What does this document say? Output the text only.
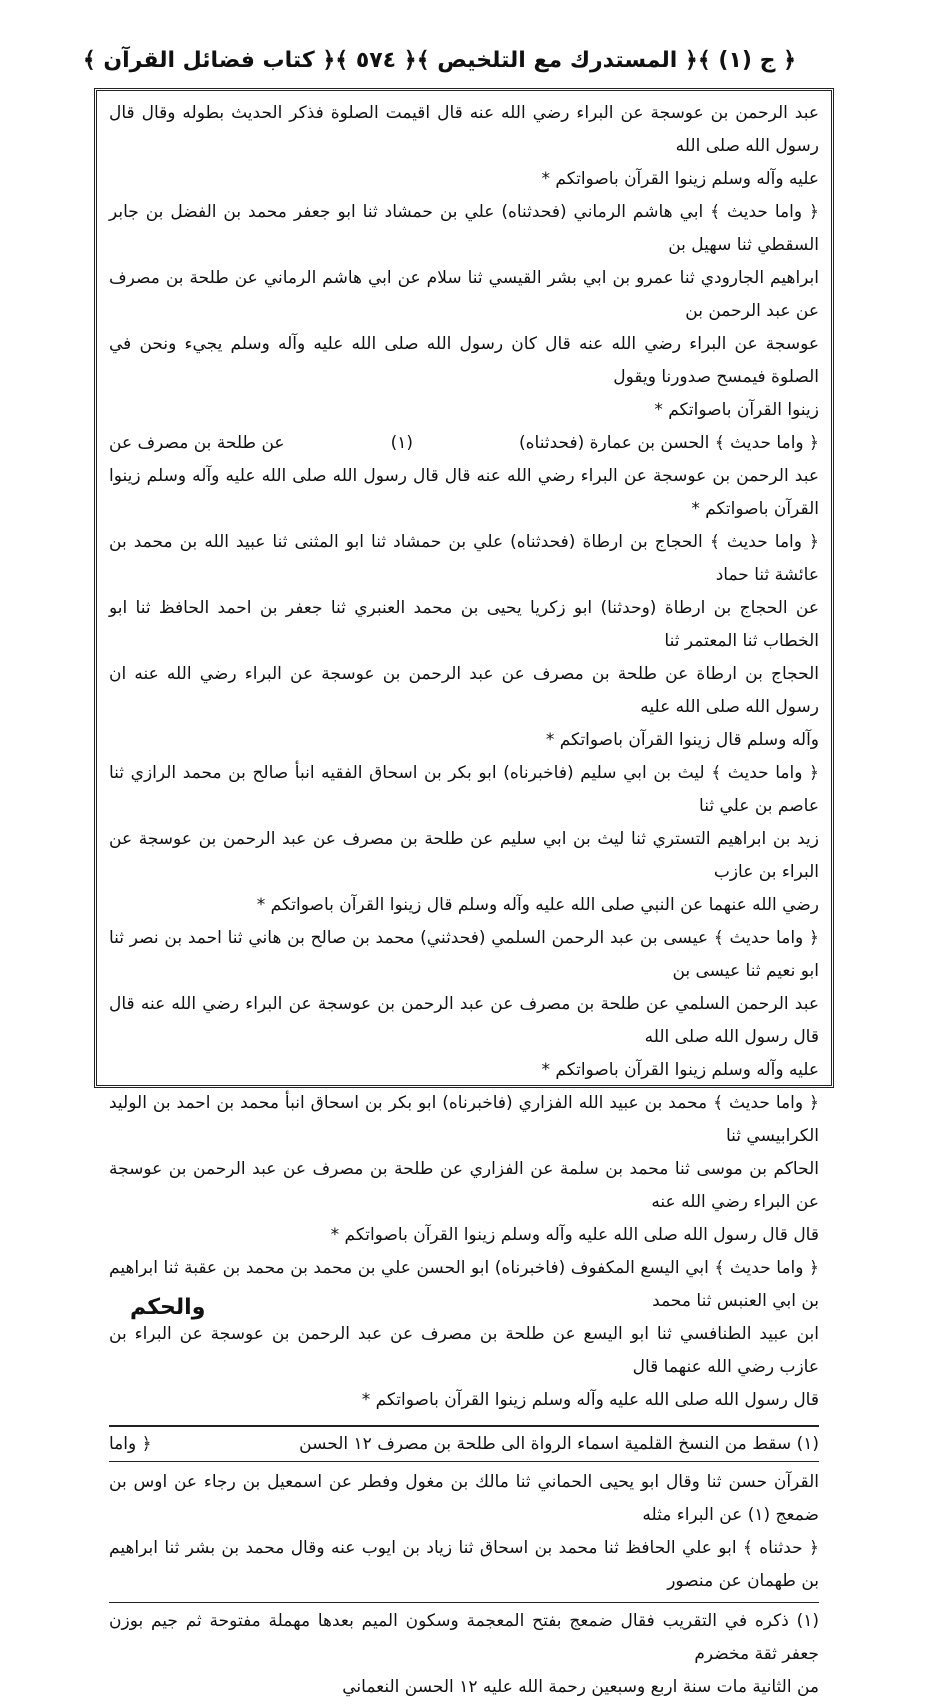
﴿ ج (١) ﴾
﴿ المستدرك مع التلخيص ﴾
﴿ ٥٧٤ ﴾
﴿ كتاب فضائل القرآن ﴾

عبد الرحمن بن عوسجة عن البراء رضي الله عنه قال اقيمت الصلوة فذكر الحديث بطوله وقال قال رسول الله صلى الله

عليه وآله وسلم زينوا القرآن باصواتكم *

﴿ واما حديث ﴾ ابي هاشم الرماني (فحدثناه) علي بن حمشاد ثنا ابو جعفر محمد بن الفضل بن جابر السقطي ثنا سهيل بن

ابراهيم الجارودي ثنا عمرو بن ابي بشر القيسي ثنا سلام عن ابي هاشم الرماني عن طلحة بن مصرف عن عبد الرحمن بن

عوسجة عن البراء رضي الله عنه قال كان رسول الله صلى الله عليه وآله وسلم يجيء ونحن في الصلوة فيمسح صدورنا ويقول

زينوا القرآن باصواتكم *

﴿ واما حديث ﴾ الحسن بن عمارة (فحدثناه)
(١)
عن طلحة بن مصرف عن

عبد الرحمن بن عوسجة عن البراء رضي الله عنه قال قال رسول الله صلى الله عليه وآله وسلم زينوا القرآن باصواتكم *

﴿ واما حديث ﴾ الحجاج بن ارطاة (فحدثناه) علي بن حمشاد ثنا ابو المثنى ثنا عبيد الله بن محمد بن عائشة ثنا حماد

عن الحجاج بن ارطاة (وحدثنا) ابو زكريا يحيى بن محمد العنبري ثنا جعفر بن احمد الحافظ ثنا ابو الخطاب ثنا المعتمر ثنا

الحجاج بن ارطاة عن طلحة بن مصرف عن عبد الرحمن بن عوسجة عن البراء رضي الله عنه ان رسول الله صلى الله عليه

وآله وسلم قال زينوا القرآن باصواتكم *

﴿ واما حديث ﴾ ليث بن ابي سليم (فاخبرناه) ابو بكر بن اسحاق الفقيه انبأ صالح بن محمد الرازي ثنا عاصم بن علي ثنا

زيد بن ابراهيم التستري ثنا ليث بن ابي سليم عن طلحة بن مصرف عن عبد الرحمن بن عوسجة عن البراء بن عازب

رضي الله عنهما عن النبي صلى الله عليه وآله وسلم قال زينوا القرآن باصواتكم *

﴿ واما حديث ﴾ عيسى بن عبد الرحمن السلمي (فحدثني) محمد بن صالح بن هاني ثنا احمد بن نصر ثنا ابو نعيم ثنا عيسى بن

عبد الرحمن السلمي عن طلحة بن مصرف عن عبد الرحمن بن عوسجة عن البراء رضي الله عنه قال قال رسول الله صلى الله

عليه وآله وسلم زينوا القرآن باصواتكم *

﴿ واما حديث ﴾ محمد بن عبيد الله الفزاري (فاخبرناه) ابو بكر بن اسحاق انبأ محمد بن احمد بن الوليد الكرابيسي ثنا

الحاكم بن موسى ثنا محمد بن سلمة عن الفزاري عن طلحة بن مصرف عن عبد الرحمن بن عوسجة عن البراء رضي الله عنه

قال قال رسول الله صلى الله عليه وآله وسلم زينوا القرآن باصواتكم *

﴿ واما حديث ﴾ ابي اليسع المكفوف (فاخبرناه) ابو الحسن علي بن محمد بن محمد بن عقبة ثنا ابراهيم بن ابي العنبس ثنا محمد

ابن عبيد الطنافسي ثنا ابو اليسع عن طلحة بن مصرف عن عبد الرحمن بن عوسجة عن البراء بن عازب رضي الله عنهما قال

قال رسول الله صلى الله عليه وآله وسلم زينوا القرآن باصواتكم *

(١) سقط من النسخ القلمية اسماء الرواة الى طلحة بن مصرف ١٢ الحسن
﴿ واما

القرآن حسن ثنا وقال ابو يحيى الحماني ثنا مالك بن مغول وفطر عن اسمعيل بن رجاء عن اوس بن ضمعج (١) عن البراء مثله

﴿ حدثناه ﴾ ابو علي الحافظ ثنا محمد بن اسحاق ثنا زياد بن ايوب عنه وقال محمد بن بشر ثنا ابراهيم بن طهمان عن منصور

(١) ذكره في التقريب فقال ضمعج بفتح المعجمة وسكون الميم بعدها مهملة مفتوحة ثم جيم بوزن جعفر ثقة مخضرم

من الثانية مات سنة اربع وسبعين رحمة الله عليه ١٢ الحسن النعماني

والحكم
